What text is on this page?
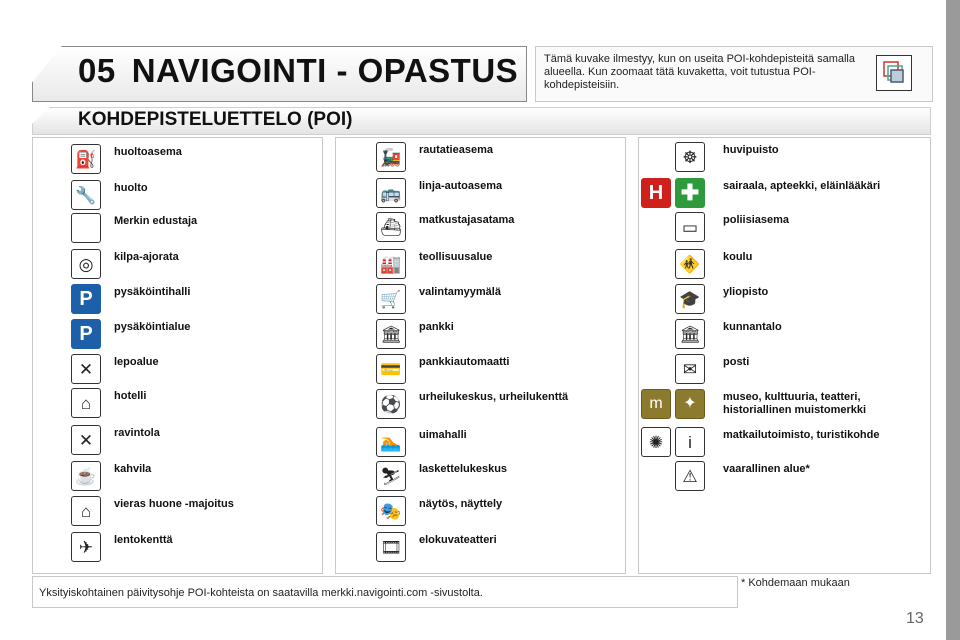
05 NAVIGOINTI - OPASTUS Tämä kuvake ilmestyy, kun on useita POI-kohdepisteitä samalla alueella. Kun zoomaat tätä kuvaketta, voit tutustua POI-kohdepisteisiin.
KOHDEPISTELUETTELO (POI)
⛽	huoltoasema
🔧	huolto
Merkin edustaja
◎	kilpa-ajorata
P	pysäköintihalli
P	pysäköintialue
✕	lepoalue
⌂	hotelli
✕	ravintola
☕	kahvila
⌂	vieras huone -majoitus
✈	lentokenttä
🚂	rautatieasema
🚌	linja-autoasema
⛴	matkustajasatama
🏭	teollisuusalue
🛒	valintamyymälä
🏛	pankki
💳	pankkiautomaatti
⚽	urheilukeskus, urheilukenttä
🏊	uimahalli
⛷	laskettelukeskus
🎭	näytös, näyttely
🎞	elokuvateatteri
☸	huvipuisto
H ✚	sairaala, apteekki, eläinlääkäri
▭	poliisiasema
🚸	koulu
🎓	yliopisto
🏛	kunnantalo
✉	posti
m	✦	museo, kulttuuria, teatteri, historiallinen muistomerkki
✺	i	matkailutoimisto, turistikohde
⚠	vaarallinen alue*
Yksityiskohtainen päivitysohje POI-kohteista on saatavilla merkki.navigointi.com -sivustolta.
* Kohdemaan mukaan
13
